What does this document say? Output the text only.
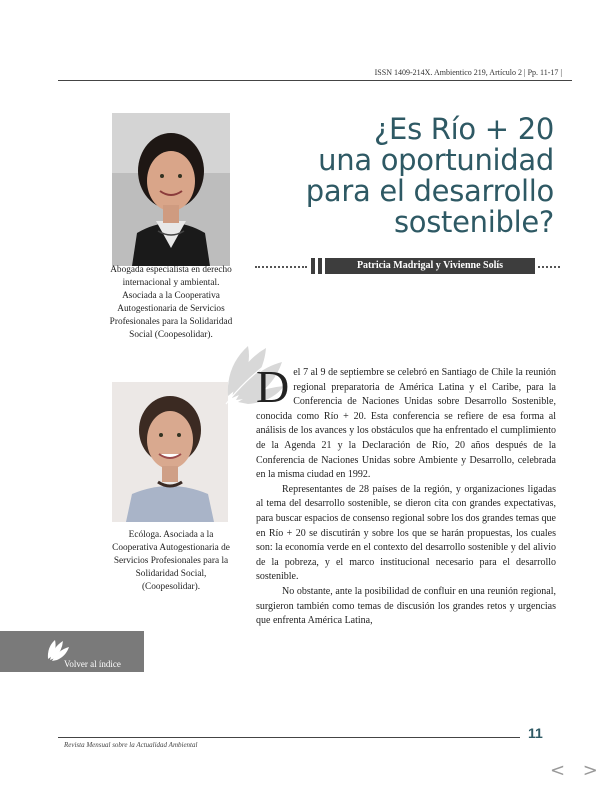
ISSN 1409-214X. Ambientico 219, Artículo 2 | Pp. 11-17 |
¿Es Río + 20
una oportunidad
para el desarrollo
sostenible?
Abogada especialista en derecho internacional y ambiental. Asociada a la Cooperativa Autogestionaria de Servicios Profesionales para la Solidaridad Social (Coopesolidar).
Ecóloga. Asociada a la Cooperativa Autogestionaria de Servicios Profesionales para la Solidaridad Social, (Coopesolidar).
Patricia Madrigal y Vivienne Solís

Del 7 al 9 de septiembre se celebró en Santiago de Chile la reunión regional preparatoria de América Latina y el Caribe, para la Conferencia de Naciones Unidas sobre Desarrollo Sostenible, conocida como Río + 20. Esta conferencia se refiere de esa forma al análisis de los avances y los obstáculos que ha enfrentado el cumplimiento de la Agenda 21 y la Declaración de Río, 20 años después de la Conferencia de Naciones Unidas sobre Ambiente y Desarrollo, celebrada en la misma ciudad en 1992.

Representantes de 28 países de la región, y organizaciones ligadas al tema del desarrollo sostenible, se dieron cita con grandes expectativas, para buscar espacios de consenso regional sobre los dos grandes temas que en Río + 20 se discutirán y sobre los que se harán propuestas, los cuales son: la economía verde en el contexto del desarrollo sostenible y del alivio de la pobreza, y el marco institucional necesario para el desarrollo sostenible.

No obstante, ante la posibilidad de confluir en una reunión regional, surgieron también como temas de discusión los grandes retos y urgencias que enfrenta América Latina,

Volver al índice
11
Revista Mensual sobre la Actualidad Ambiental
< >
